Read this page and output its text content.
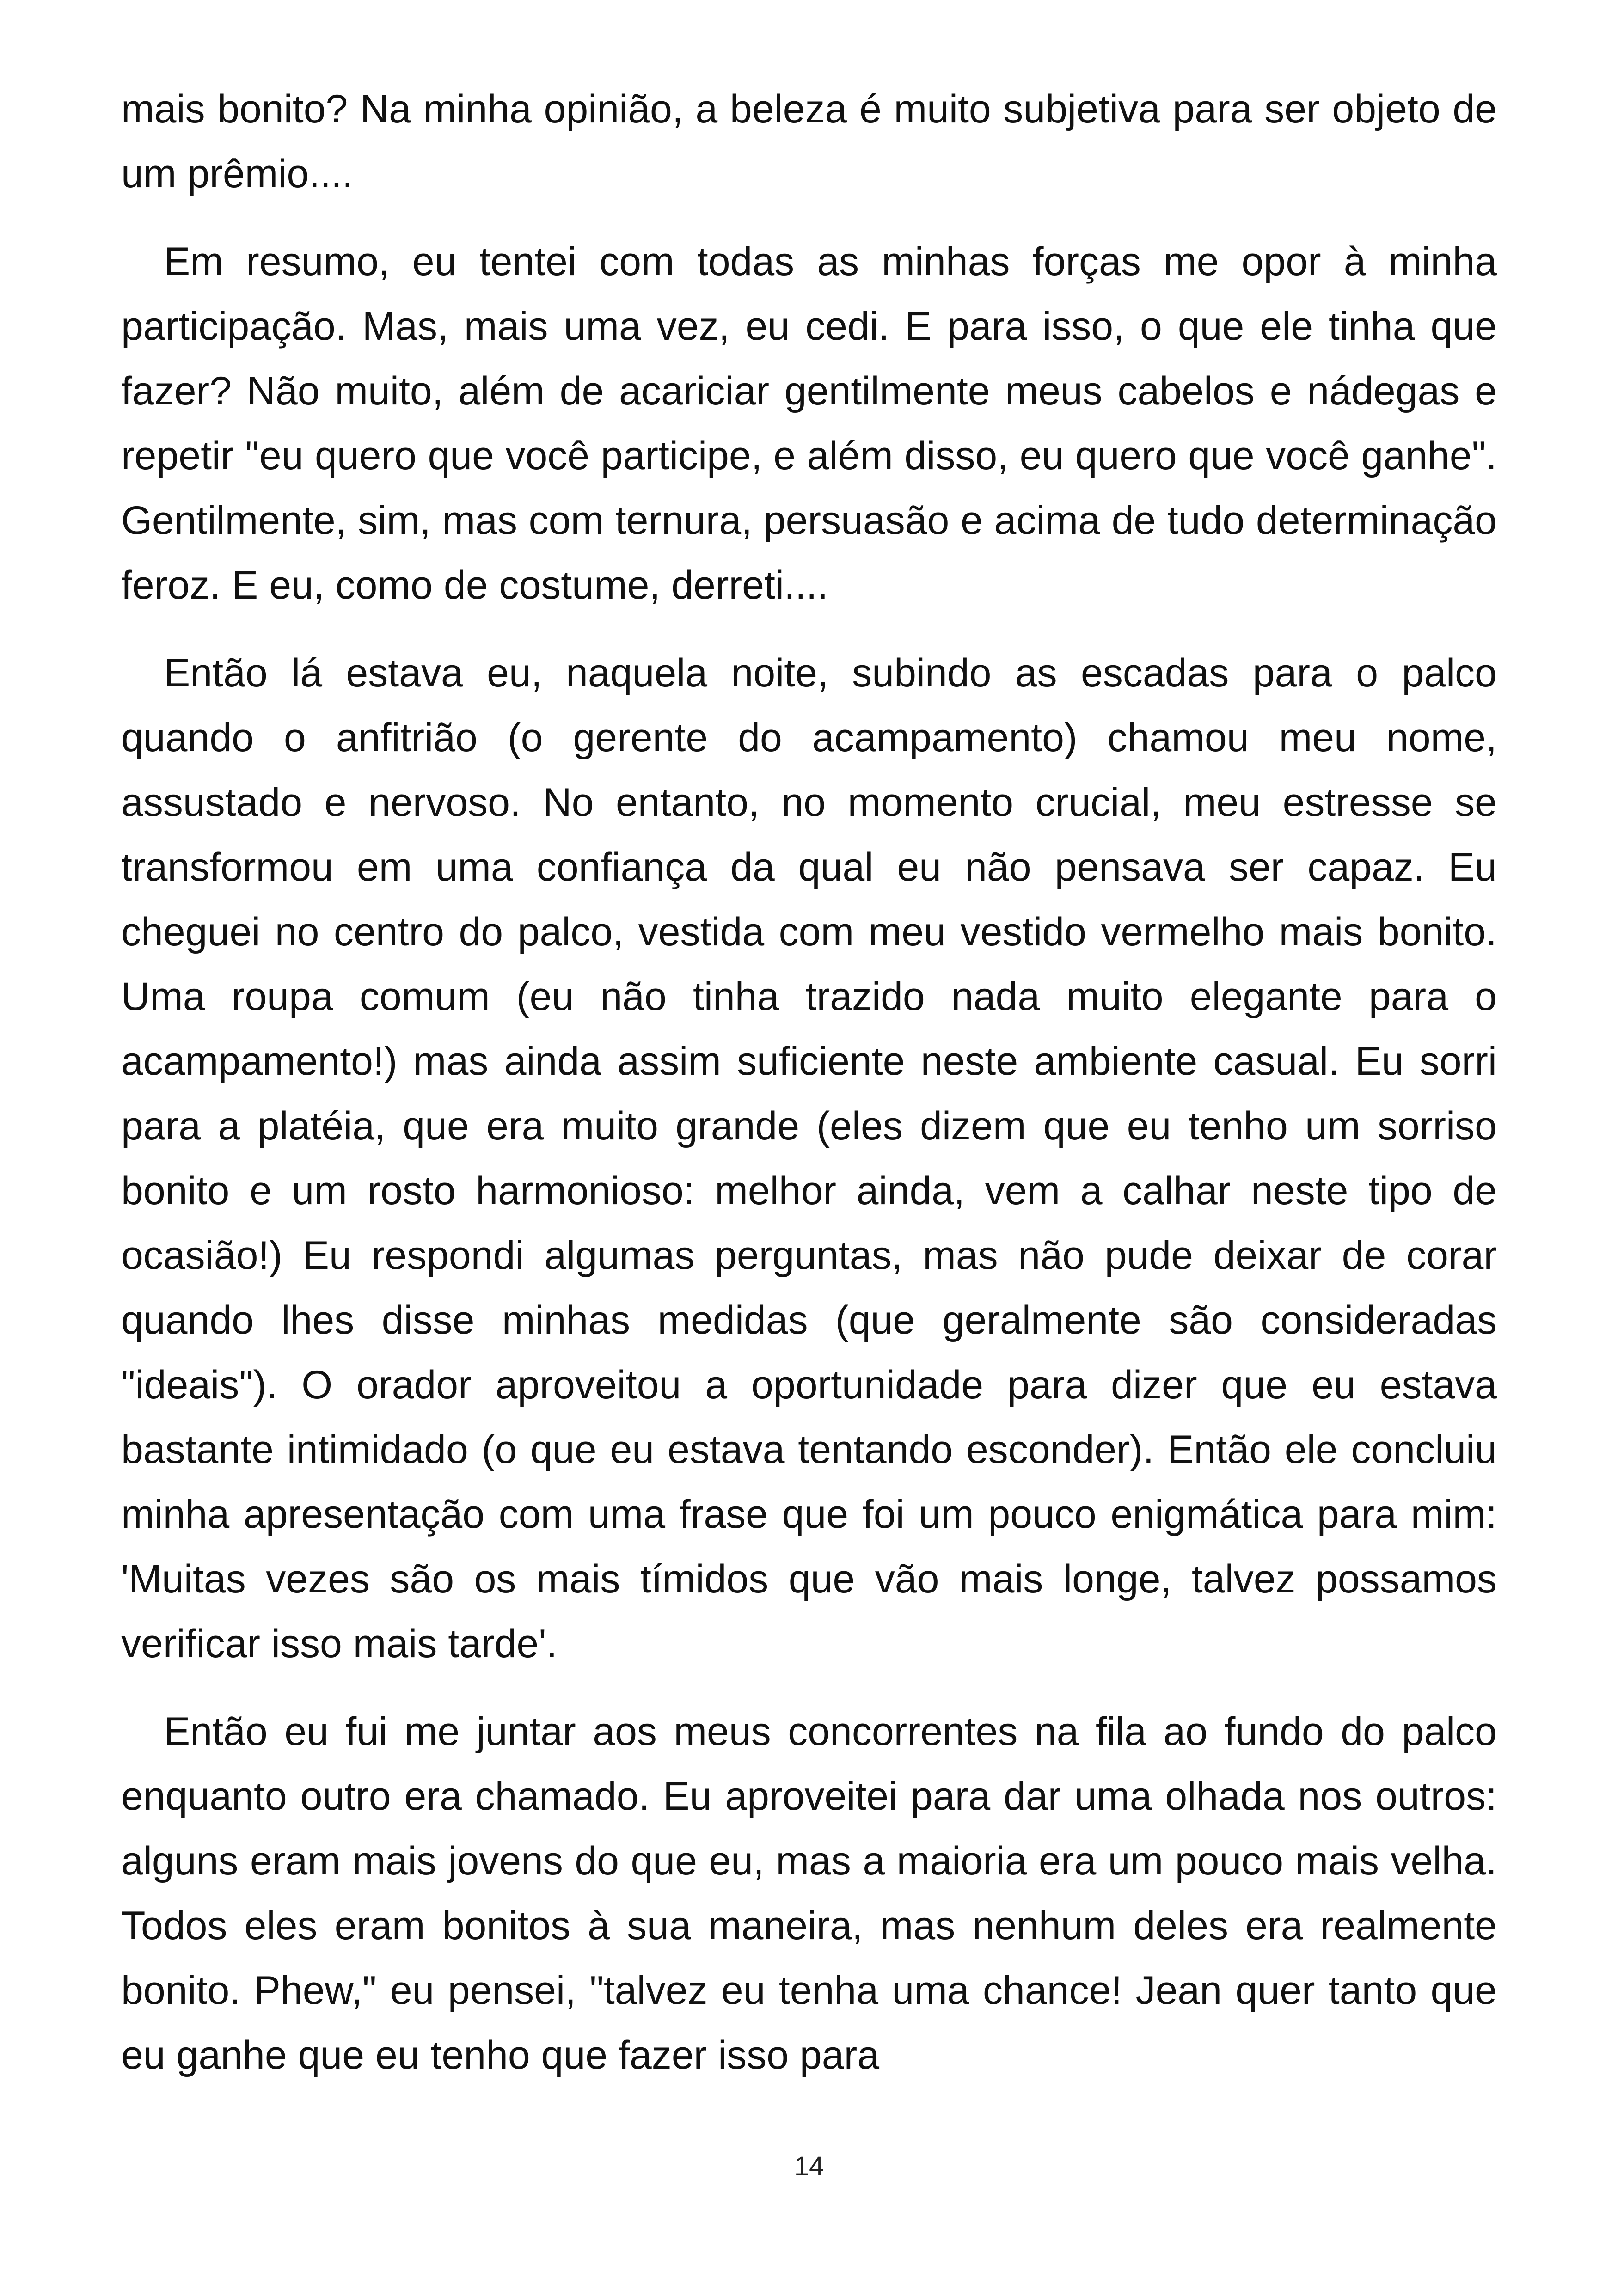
mais bonito? Na minha opinião, a beleza é muito subjetiva para ser objeto de um prêmio....

Em resumo, eu tentei com todas as minhas forças me opor à minha participação. Mas, mais uma vez, eu cedi. E para isso, o que ele tinha que fazer? Não muito, além de acariciar gentilmente meus cabelos e nádegas e repetir "eu quero que você participe, e além disso, eu quero que você ganhe". Gentilmente, sim, mas com ternura, persuasão e acima de tudo determinação feroz. E eu, como de costume, derreti....

Então lá estava eu, naquela noite, subindo as escadas para o palco quando o anfitrião (o gerente do acampamento) chamou meu nome, assustado e nervoso. No entanto, no momento crucial, meu estresse se transformou em uma confiança da qual eu não pensava ser capaz. Eu cheguei no centro do palco, vestida com meu vestido vermelho mais bonito. Uma roupa comum (eu não tinha trazido nada muito elegante para o acampamento!) mas ainda assim suficiente neste ambiente casual. Eu sorri para a platéia, que era muito grande (eles dizem que eu tenho um sorriso bonito e um rosto harmonioso: melhor ainda, vem a calhar neste tipo de ocasião!) Eu respondi algumas perguntas, mas não pude deixar de corar quando lhes disse minhas medidas (que geralmente são consideradas "ideais"). O orador aproveitou a oportunidade para dizer que eu estava bastante intimidado (o que eu estava tentando esconder). Então ele concluiu minha apresentação com uma frase que foi um pouco enigmática para mim: 'Muitas vezes são os mais tímidos que vão mais longe, talvez possamos verificar isso mais tarde'.

Então eu fui me juntar aos meus concorrentes na fila ao fundo do palco enquanto outro era chamado. Eu aproveitei para dar uma olhada nos outros: alguns eram mais jovens do que eu, mas a maioria era um pouco mais velha. Todos eles eram bonitos à sua maneira, mas nenhum deles era realmente bonito. Phew," eu pensei, "talvez eu tenha uma chance! Jean quer tanto que eu ganhe que eu tenho que fazer isso para

14
